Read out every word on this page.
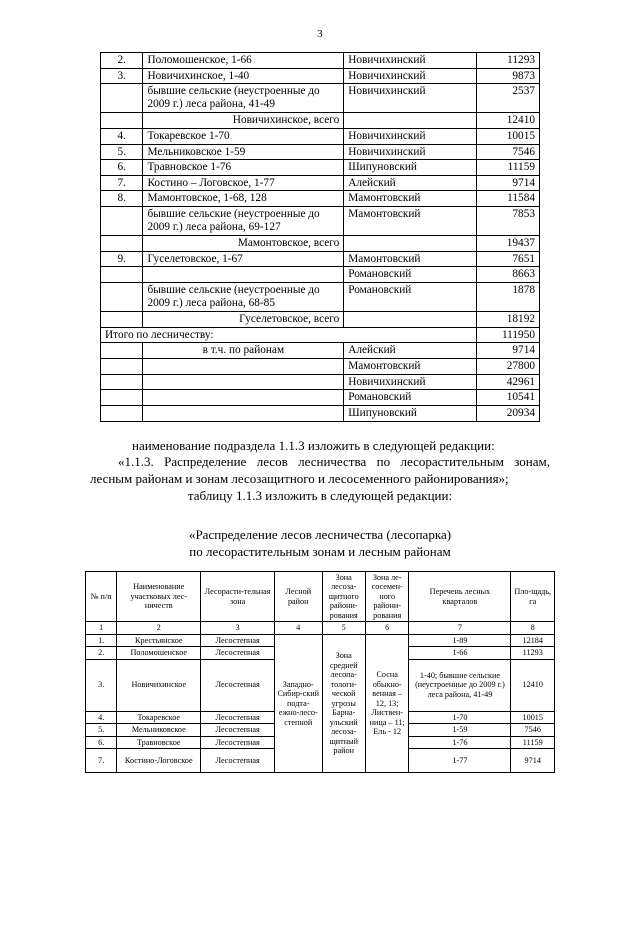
3
2.	Поломошенское, 1-66	Новичихинский	11293
3.	Новичихинское, 1-40	Новичихинский	9873
	бывшие сельские (неустроенные до 2009 г.) леса района, 41-49	Новичихинский	2537
	Новичихинское, всего		12410
4.	Токаревское 1-70	Новичихинский	10015
5.	Мельниковское 1-59	Новичихинский	7546
6.	Травновское 1-76	Шипуновский	11159
7.	Костино – Логовское, 1-77	Алейский	9714
8.	Мамонтовское, 1-68, 128	Мамонтовский	11584
	бывшие сельские (неустроенные до 2009 г.) леса района, 69-127	Мамонтовский	7853
	Мамонтовское, всего		19437
9.	Гуселетовское, 1-67	Мамонтовский	7651
		Романовский	8663
	бывшие сельские (неустроенные до 2009 г.) леса района, 68-85	Романовский	1878
	Гуселетовское, всего		18192
Итого по лесничеству:			111950
	в т.ч. по районам	Алейский	9714
		Мамонтовский	27800
		Новичихинский	42961
		Романовский	10541
		Шипуновский	20934
наименование подраздела 1.1.3 изложить в следующей редакции:
«1.1.3. Распределение лесов лесничества по лесорастительным зонам, лесным районам и зонам лесозащитного и лесосеменного районирования»;
таблицу 1.1.3 изложить в следующей редакции:
«Распределение лесов лесничества (лесопарка)
по лесорастительным зонам и лесным районам
№ п/п	Наименование участковых лес-ничеств	Лесорасти-тельная зона	Лесной район	Зона лесоза-щитного райони-рования	Зона ле-сосемен-ного райони-рования	Перечень лесных кварталов	Пло-щадь, га
1	2	3	4	5	6	7	8
1.	Крестьянское	Лесостепная	Западно-Сибир-ский подта-ежно-лесо-степной	Зона средней лесопа-тологи-ческой угрозы Барна-ульский лесоза-щитный район	Сосна обыкно-венная – 12, 13; Листвен-ница – 11; Ель - 12	1-89	12184
2.	Поломошенское	Лесостепная				1-66	11293
3.	Новичихинское	Лесостепная				1-40; бывшие сельские (неустроенные до 2009 г.) леса района, 41-49	12410
4.	Токаревское	Лесостепная				1-70	10015
5.	Мельниковское	Лесостепная				1-59	7546
6.	Травновское	Лесостепная				1-76	11159
7.	Костино-Логовское	Лесостепная				1-77	9714
